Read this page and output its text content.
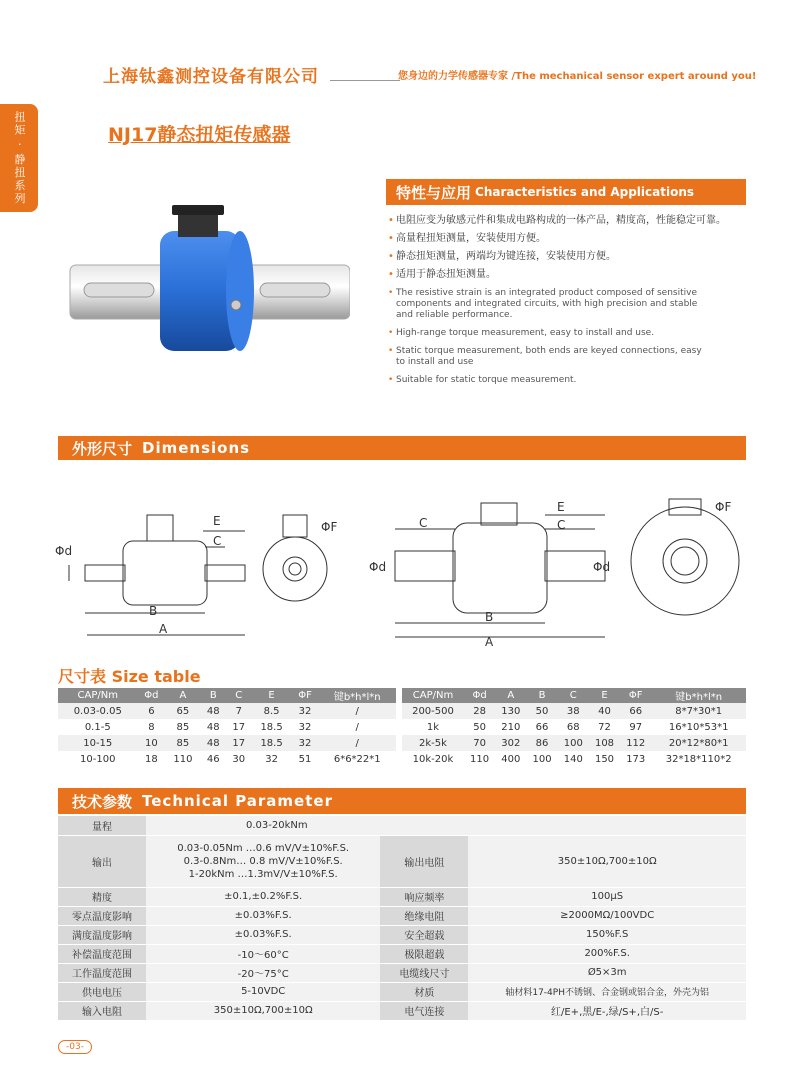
上海钛鑫测控设备有限公司	您身边的力学传感器专家 /The mechanical sensor expert around you!
扭矩 · 静扭系列	NJ17静态扭矩传感器
特性与应用 Characteristics and Applications
• 电阻应变为敏感元件和集成电路构成的一体产品，精度高，性能稳定可靠。
• 高量程扭矩测量，安装使用方便。
• 静态扭矩测量，两端均为键连接，安装使用方便。
• 适用于静态扭矩测量。
• The resistive strain is an integrated product composed of sensitive components and integrated circuits, with high precision and stable and reliable performance.
• High-range torque measurement, easy to install and use.
• Static torque measurement, both ends are keyed connections, easy to install and use
• Suitable for static torque measurement.
外形尺寸 Dimensions
B
A
E
C
Φd
ΦF
B
A
E
C
C
Φd	Φd
ΦF
尺寸表 Size table
CAP/Nm	Φd	A	B	C	E	ΦF	键b*h*l*n
0.03-0.05	6	65	48	7	8.5	32	/
0.1-5	8	85	48	17	18.5	32	/
10-15	10	85	48	17	18.5	32	/
10-100	18	110	46	30	32	51	6*6*22*1
CAP/Nm	Φd	A	B	C	E	ΦF	键b*h*l*n
200-500	28	130	50	38	40	66	8*7*30*1
1k	50	210	66	68	72	97	16*10*53*1
2k-5k	70	302	86	100	108	112	20*12*80*1
10k-20k	110	400	100	140	150	173	32*18*110*2
技术参数 Technical Parameter
量程	0.03-20kNm		
输出	0.03-0.05Nm …0.6 mV/V±10%F.S.
0.3-0.8Nm… 0.8 mV/V±10%F.S.
1-20kNm …1.3mV/V±10%F.S.	输出电阻	350±10Ω,700±10Ω
精度	±0.1,±0.2%F.S.	响应频率	100μS
零点温度影响	±0.03%F.S.	绝缘电阻	≥2000MΩ/100VDC
满度温度影响	±0.03%F.S.	安全超载	150%F.S
补偿温度范围	-10～60°C	极限超载	200%F.S.
工作温度范围	-20～75°C	电缆线尺寸	Ø5×3m
供电电压	5-10VDC	材质	轴材料17-4PH不锈钢、合金钢或铝合金，外壳为铝
输入电阻	350±10Ω,700±10Ω	电气连接	红/E+,黑/E-,绿/S+,白/S-
-03-
